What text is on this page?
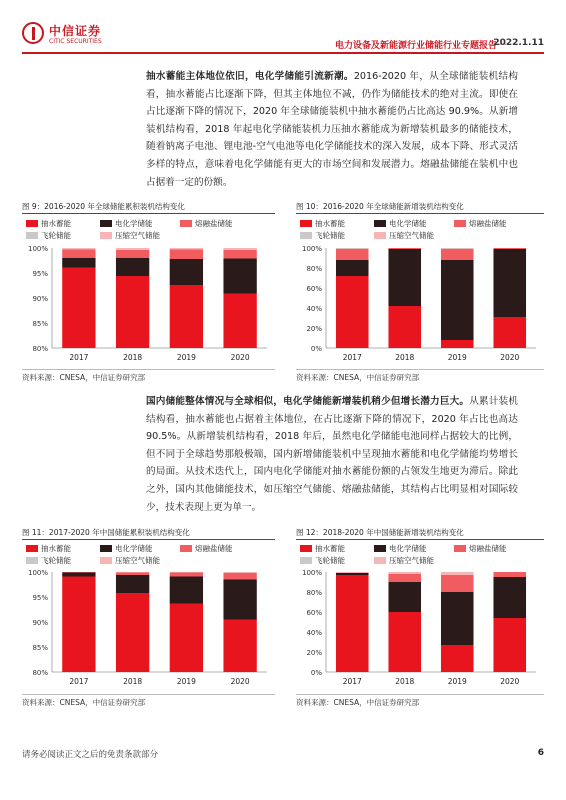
中信证券
CITIC SECURITIES	电力设备及新能源行业储能行业专题报告一
2022.1.11
抽水蓄能主体地位依旧，电化学储能引流新潮。2016-2020 年，从全球储能装机结构看，抽水蓄能占比逐渐下降，但其主体地位不减，仍作为储能技术的绝对主流。即使在占比逐渐下降的情况下，2020 年全球储能装机中抽水蓄能仍占比高达 90.9%。从新增装机结构看，2018 年起电化学储能装机力压抽水蓄能成为新增装机最多的储能技术，随着钠离子电池、锂电池-空气电池等电化学储能技术的深入发展，成本下降、形式灵活多样的特点，意味着电化学储能有更大的市场空间和发展潜力。熔融盐储能在装机中也占据着一定的份额。
图 9：2016-2020 年全球储能累积装机结构变化
抽水蓄能	电化学储能	熔融盐储能
飞轮储能	压缩空气储能
80%
85%
90%
95%
100%
2017	2018	2019	2020
资料来源：CNESA，中信证券研究部
图 10：2016-2020 年全球储能新增装机结构变化
抽水蓄能	电化学储能	熔融盐储能
飞轮储能	压缩空气储能
0%
20%
40%
60%
80%
100%
2017	2018	2019	2020
资料来源：CNESA，中信证券研究部
国内储能整体情况与全球相似，电化学储能新增装机稍少但增长潜力巨大。从累计装机结构看，抽水蓄能也占据着主体地位，在占比逐渐下降的情况下，2020 年占比也高达 90.5%。从新增装机结构看，2018 年后，虽然电化学储能电池同样占据较大的比例，但不同于全球趋势那般极端，国内新增储能装机中呈现抽水蓄能和电化学储能均势增长的局面。从技术迭代上，国内电化学储能对抽水蓄能份额的占领发生地更为滞后。除此之外，国内其他储能技术，如压缩空气储能、熔融盐储能，其结构占比明显相对国际较少，技术表现上更为单一。
图 11：2017-2020 年中国储能累积装机结构变化
抽水蓄能	电化学储能	熔融盐储能
飞轮储能	压缩空气储能
80%
85%
90%
95%
100%
2017	2018	2019	2020
资料来源：CNESA，中信证券研究部
图 12：2018-2020 年中国储能新增装机结构变化
抽水蓄能	电化学储能	熔融盐储能
飞轮储能	压缩空气储能
0%
20%
40%
60%
80%
100%
2017	2018	2019	2020
资料来源：CNESA，中信证券研究部
请务必阅读正文之后的免责条款部分	6
